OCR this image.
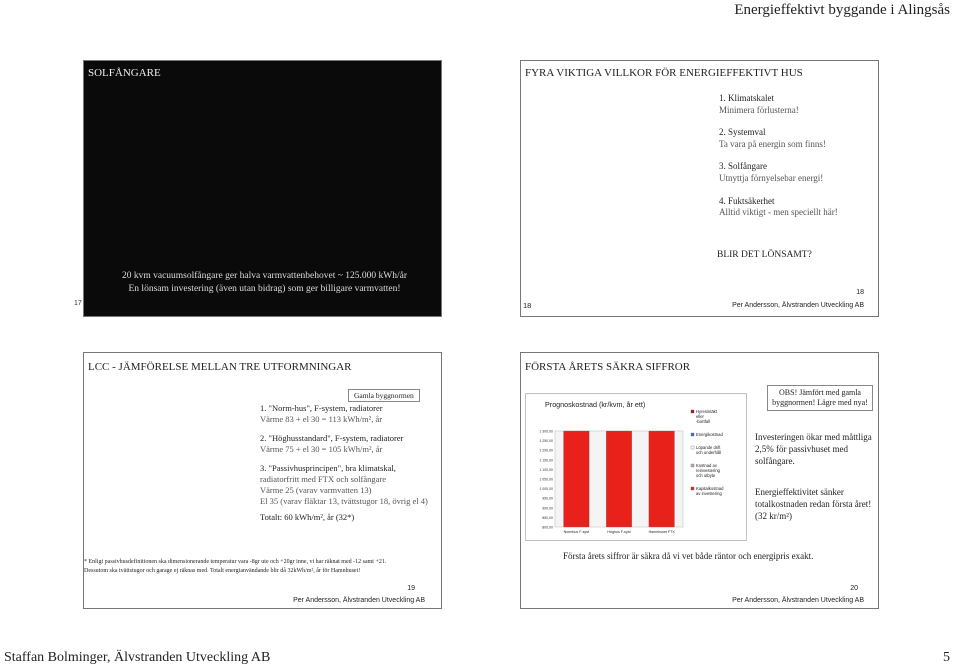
Energieffektivt byggande i Alingsås
SOLFÅNGARE
20 kvm vacuumsolfångare ger halva varmvattenbehovet ~ 125.000 kWh/år
En lönsam investering (även utan bidrag) som ger billigare varmvatten!
17
FYRA VIKTIGA VILLKOR FÖR ENERGIEFFEKTIVT HUS
1. Klimatskalet
Minimera förlusterna!
2. Systemval
Ta vara på energin som finns!
3. Solfångare
Utnyttja förnyelsebar energi!
4. Fuktsäkerhet
Alltid viktigt - men speciellt här!
BLIR DET LÖNSAMT?
18
18
Per Andersson, Älvstranden Utveckling AB
LCC - JÄMFÖRELSE MELLAN TRE UTFORMNINGAR
Gamla byggnormen
1. "Norm-hus", F-system, radiatorer
Värme 83 + el 30 = 113 kWh/m², år
2. "Höghusstandard", F-system, radiatorer
Värme 75 + el 30 = 105 kWh/m², år
3. "Passivhusprincipen", bra klimatskal,
radiatorfritt med FTX och solfångare
Värme 25 (varav varmvatten 13)
El 35 (varav fläktar 13, tvättstugor 18, övrig el 4)
Totalt: 60 kWh/m², år (32*)
* Enligt passivhusdefinitionen ska dimensionerande temperatur vara -8gr ute och +20gr inne, vi har räknat med -12 samt +21.
Dessutom ska tvättstugor och garage ej räknas med. Totalt energianvändande blir då 32kWh/m², år för Hamnhuset!
19
Per Andersson, Älvstranden Utveckling AB
FÖRSTA ÅRETS SÄKRA SIFFROR
Prognoskostnad (kr/kvm, år ett)
800,00
850,00
900,00
950,00
1 000,00
1 050,00
1 100,00
1 150,00
1 200,00
1 250,00
1 300,00
Normhus F-syst	Höghus F-syst	Hamnhuset FTX
Hyresintäkt
eller
-bortfall
Energikostnad
Löpande drift
och underhåll
Kostnad av
reinvestering
och utbyte
Kapitalkostnad
av investering
OBS! Jämfört med gamla byggnormen! Lägre med nya!
Investeringen ökar med måttliga 2,5% för passivhuset med solfångare.
Energieffektivitet sänker totalkostnaden redan första året! (32 kr/m²)
Första årets siffror är säkra då vi vet både räntor och energipris exakt.
20
Per Andersson, Älvstranden Utveckling AB
Staffan Bolminger, Älvstranden Utveckling AB	5
